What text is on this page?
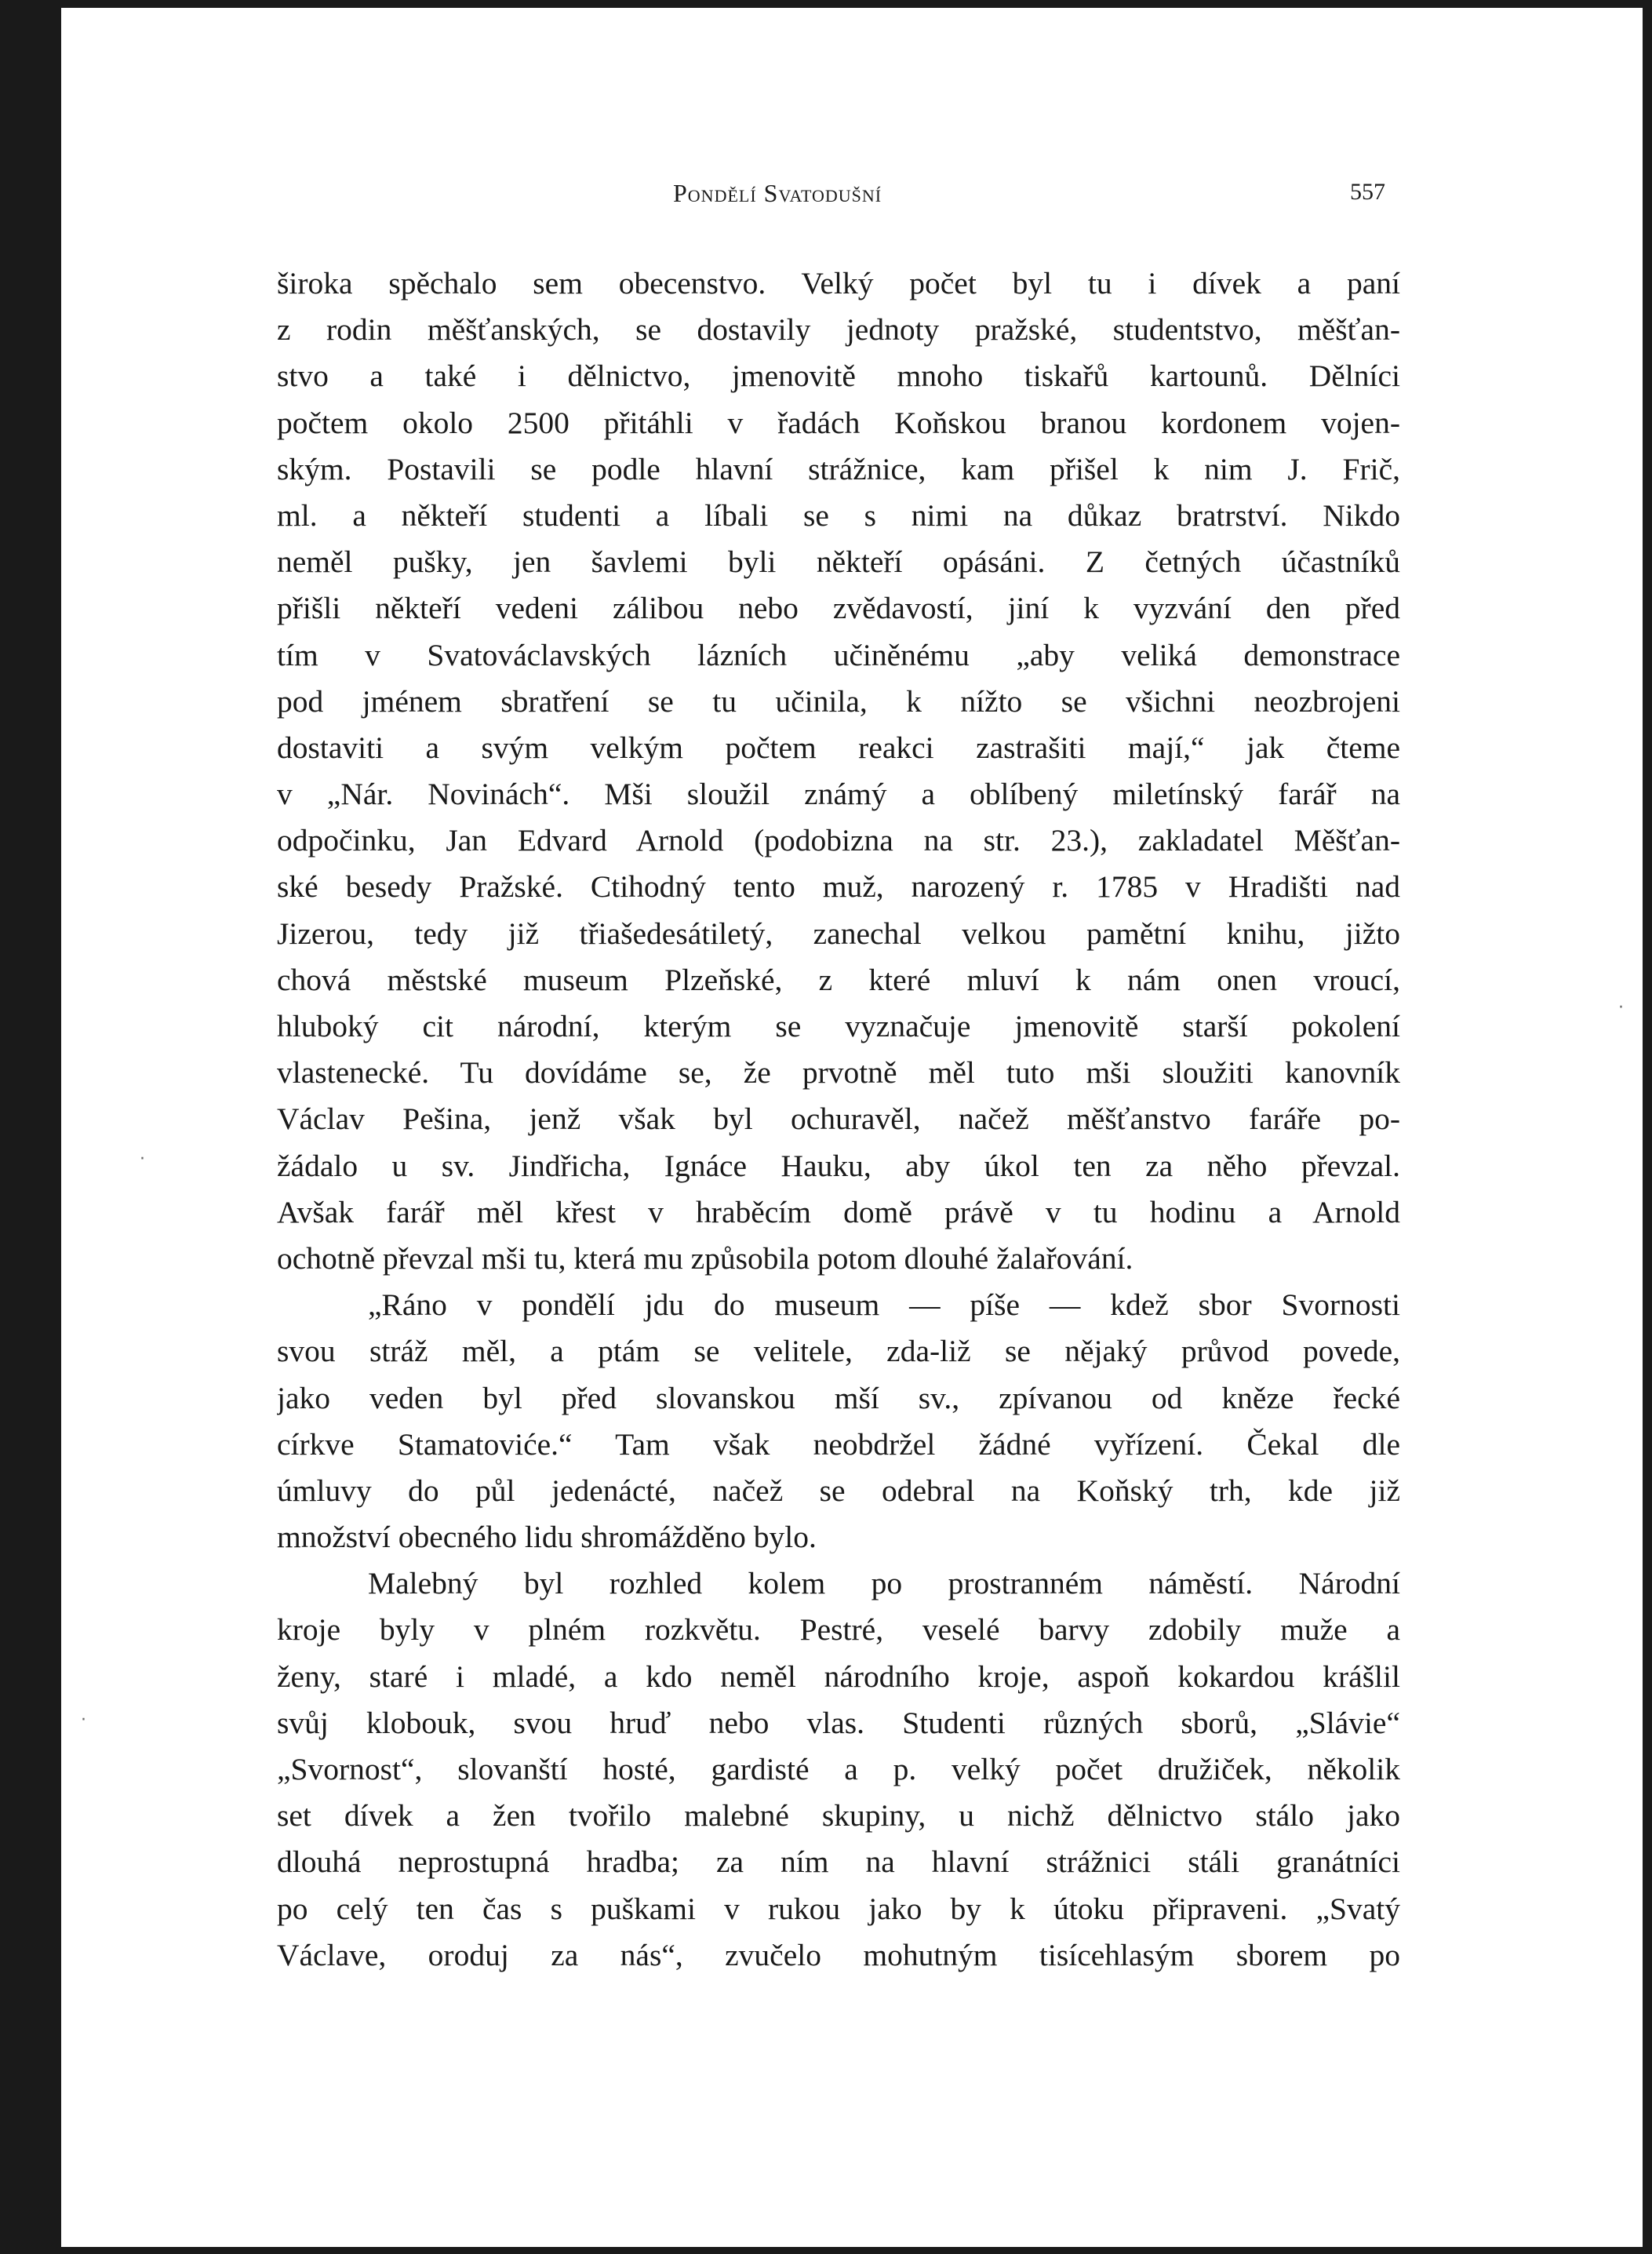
Pondělí Svatodušní	557
·
·
·
široka spěchalo sem obecenstvo. Velký počet byl tu i dívek a paní
z rodin měšťanských, se dostavily jednoty pražské, studentstvo, měšťan-
stvo a také i dělnictvo, jmenovitě mnoho tiskařů kartounů. Dělníci
počtem okolo 2500 přitáhli v řadách Koňskou branou kordonem vojen-
ským. Postavili se podle hlavní strážnice, kam přišel k nim J. Frič,
ml. a někteří studenti a líbali se s nimi na důkaz bratrství. Nikdo
neměl pušky, jen šavlemi byli někteří opásáni. Z četných účastníků
přišli někteří vedeni zálibou nebo zvědavostí, jiní k vyzvání den před
tím v Svatováclavských lázních učiněnému „aby veliká demonstrace
pod jménem sbratření se tu učinila, k nížto se všichni neozbrojeni
dostaviti a svým velkým počtem reakci zastrašiti mají,“ jak čteme
v „Nár. Novinách“. Mši sloužil známý a oblíbený miletínský farář na
odpočinku, Jan Edvard Arnold (podobizna na str. 23.), zakladatel Měšťan-
ské besedy Pražské. Ctihodný tento muž, narozený r. 1785 v Hradišti nad
Jizerou, tedy již třiašedesátiletý, zanechal velkou pamětní knihu, jižto
chová městské museum Plzeňské, z které mluví k nám onen vroucí,
hluboký cit národní, kterým se vyznačuje jmenovitě starší pokolení
vlastenecké. Tu dovídáme se, že prvotně měl tuto mši sloužiti kanovník
Václav Pešina, jenž však byl ochuravěl, načež měšťanstvo faráře po-
žádalo u sv. Jindřicha, Ignáce Hauku, aby úkol ten za něho převzal.
Avšak farář měl křest v hraběcím domě právě v tu hodinu a Arnold
ochotně převzal mši tu, která mu způsobila potom dlouhé žalařování.
„Ráno v pondělí jdu do museum — píše — kdež sbor Svornosti
svou stráž měl, a ptám se velitele, zda-liž se nějaký průvod povede,
jako veden byl před slovanskou mší sv., zpívanou od kněze řecké
církve Stamatoviće.“ Tam však neobdržel žádné vyřízení. Čekal dle
úmluvy do půl jedenácté, načež se odebral na Koňský trh, kde již
množství obecného lidu shromážděno bylo.
Malebný byl rozhled kolem po prostranném náměstí. Národní
kroje byly v plném rozkvětu. Pestré, veselé barvy zdobily muže a
ženy, staré i mladé, a kdo neměl národního kroje, aspoň kokardou krášlil
svůj klobouk, svou hruď nebo vlas. Studenti různých sborů, „Slávie“
„Svornost“, slovanští hosté, gardisté a p. velký počet družiček, několik
set dívek a žen tvořilo malebné skupiny, u nichž dělnictvo stálo jako
dlouhá neprostupná hradba; za ním na hlavní strážnici stáli granátníci
po celý ten čas s puškami v rukou jako by k útoku připraveni. „Svatý
Václave, oroduj za nás“, zvučelo mohutným tisícehlasým sborem po
